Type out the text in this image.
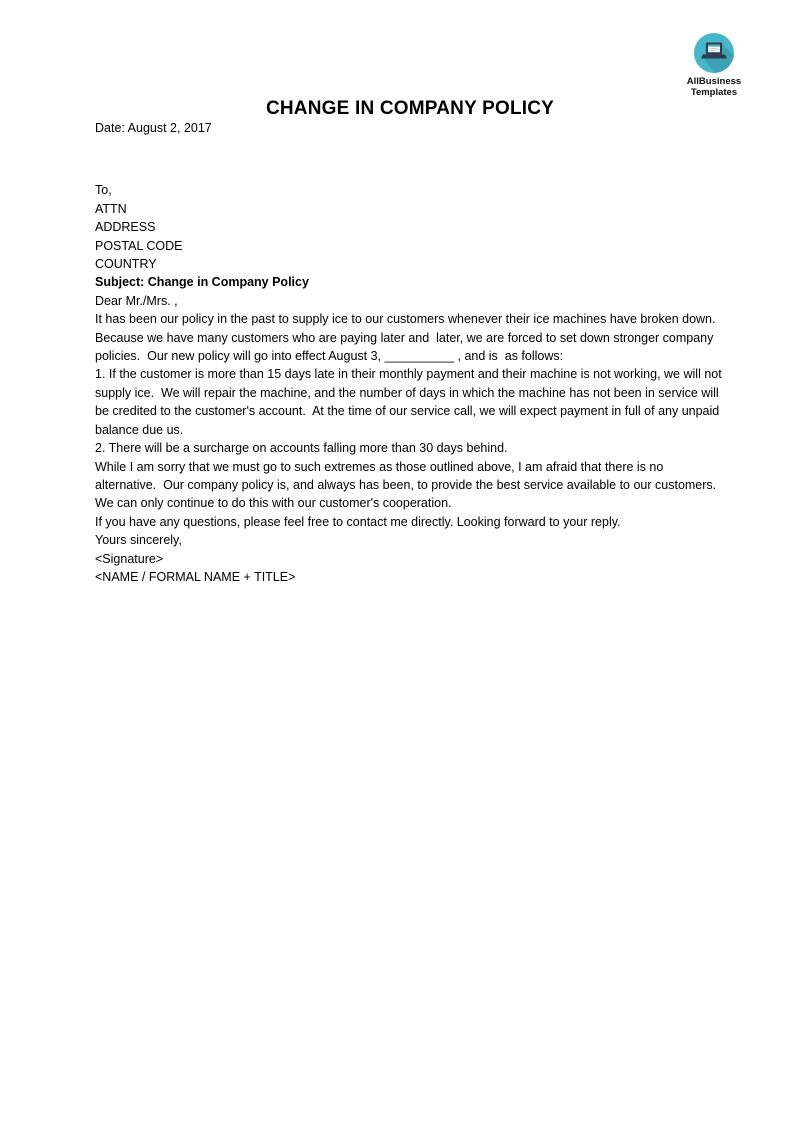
AllBusiness
Templates
CHANGE IN COMPANY POLICY

Date: August 2, 2017

To,

ATTN

ADDRESS

POSTAL CODE

COUNTRY

Subject: Change in Company Policy

Dear Mr./Mrs. ,

It has been our policy in the past to supply ice to our customers whenever their ice machines have broken down.  Because we have many customers who are paying later and  later, we are forced to set down stronger company policies.  Our new policy will go into effect August 3, __________ , and is  as follows:

1. If the customer is more than 15 days late in their monthly payment and their machine is not working, we will not supply ice.  We will repair the machine, and the number of days in which the machine has not been in service will be credited to the customer's account.  At the time of our service call, we will expect payment in full of any unpaid balance due us.

2. There will be a surcharge on accounts falling more than 30 days behind.

While I am sorry that we must go to such extremes as those outlined above, I am afraid that there is no alternative.  Our company policy is, and always has been, to provide the best service available to our customers.  We can only continue to do this with our customer's cooperation.

If you have any questions, please feel free to contact me directly. Looking forward to your reply.

Yours sincerely,

<Signature>

<NAME / FORMAL NAME + TITLE>
